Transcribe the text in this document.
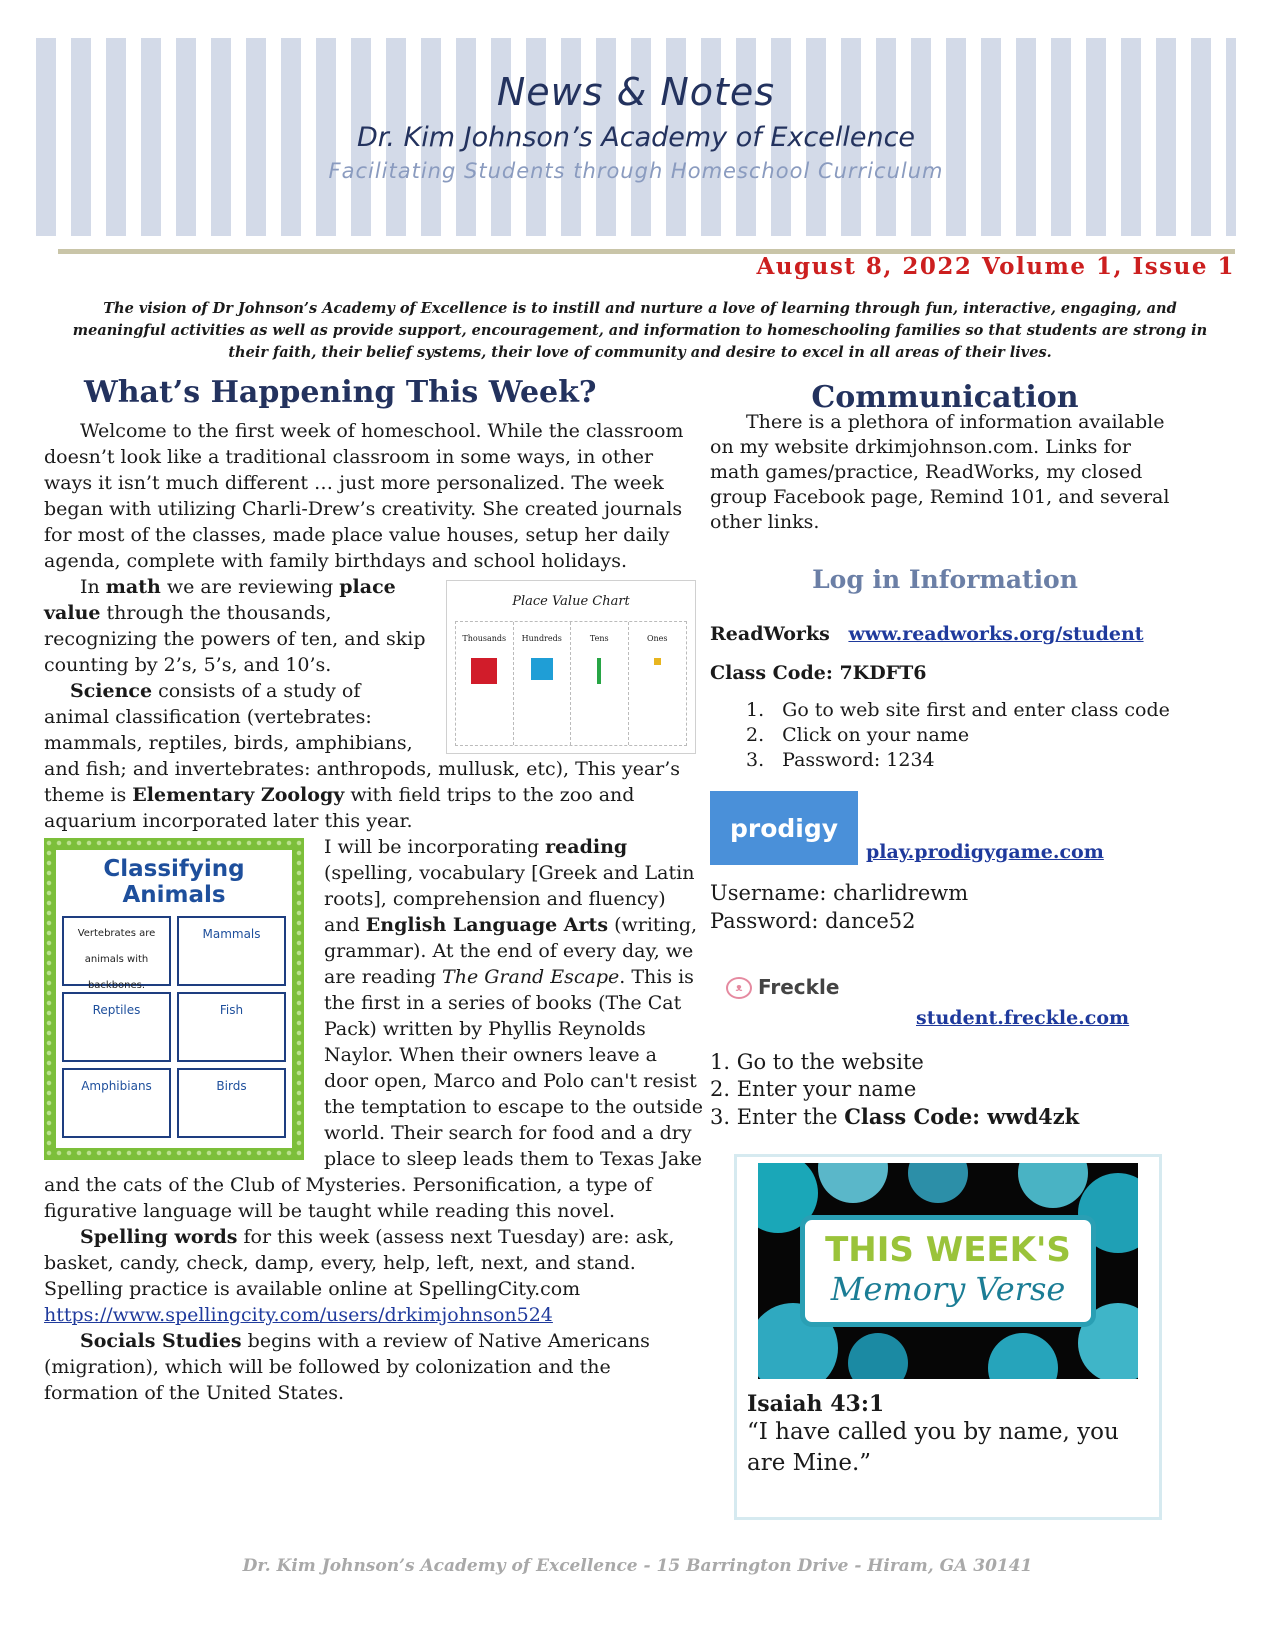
News & Notes
Dr. Kim Johnson’s Academy of Excellence
Facilitating Students through Homeschool Curriculum
August 8, 2022 Volume 1, Issue 1
The vision of Dr Johnson’s Academy of Excellence is to instill and nurture a love of learning through fun, interactive, engaging, and meaningful activities as well as provide support, encouragement, and information to homeschooling families so that students are strong in their faith, their belief systems, their love of community and desire to excel in all areas of their lives.
What’s Happening This Week?

Welcome to the first week of homeschool. While the classroom doesn’t look like a traditional classroom in some ways, in other ways it isn’t much different … just more personalized. The week began with utilizing Charli-Drew’s creativity. She created journals for most of the classes, made place value houses, setup her daily agenda, complete with family birthdays and school holidays.

Place Value Chart
Thousands	Hundreds	Tens	Ones

In math we are reviewing place value through the thousands, recognizing the powers of ten, and skip counting by 2’s, 5’s, and 10’s.

Science consists of a study of animal classification (vertebrates: mammals, reptiles, birds, amphibians, and fish; and invertebrates: anthropods, mullusk, etc), This year’s theme is Elementary Zoology with field trips to the zoo and aquarium incorporated later this year.

Classifying Animals
Vertebrates are animals with backbones.
Mammals
Reptiles	Fish
Amphibians	Birds

I will be incorporating reading (spelling, vocabulary [Greek and Latin roots], comprehension and fluency) and English Language Arts (writing, grammar). At the end of every day, we are reading The Grand Escape. This is the first in a series of books (The Cat Pack) written by Phyllis Reynolds Naylor. When their owners leave a door open, Marco and Polo can't resist the temptation to escape to the outside world. Their search for food and a dry place to sleep leads them to Texas Jake and the cats of the Club of Mysteries. Personification, a type of figurative language will be taught while reading this novel.

Spelling words for this week (assess next Tuesday) are: ask, basket, candy, check, damp, every, help, left, next, and stand. Spelling practice is available online at SpellingCity.com
https://www.spellingcity.com/users/drkimjohnson524

Socials Studies begins with a review of Native Americans (migration), which will be followed by colonization and the formation of the United States.

Communication

There is a plethora of information available on my website drkimjohnson.com. Links for math games/practice, ReadWorks, my closed group Facebook page, Remind 101, and several other links.

Log in Information
ReadWorks www.readworks.org/student
Class Code: 7KDFT6
1. Go to web site first and enter class code
2. Click on your name
3. Password: 1234
prodigy
play.prodigygame.com
Username: charlidrewm
Password: dance52
ᴥ Freckle
student.freckle.com
1. Go to the website
2. Enter your name
3. Enter the Class Code: wwd4zk
THIS WEEK'S
Memory Verse
Isaiah 43:1
“I have called you by name, you are Mine.”
Dr. Kim Johnson’s Academy of Excellence - 15 Barrington Drive - Hiram, GA 30141
